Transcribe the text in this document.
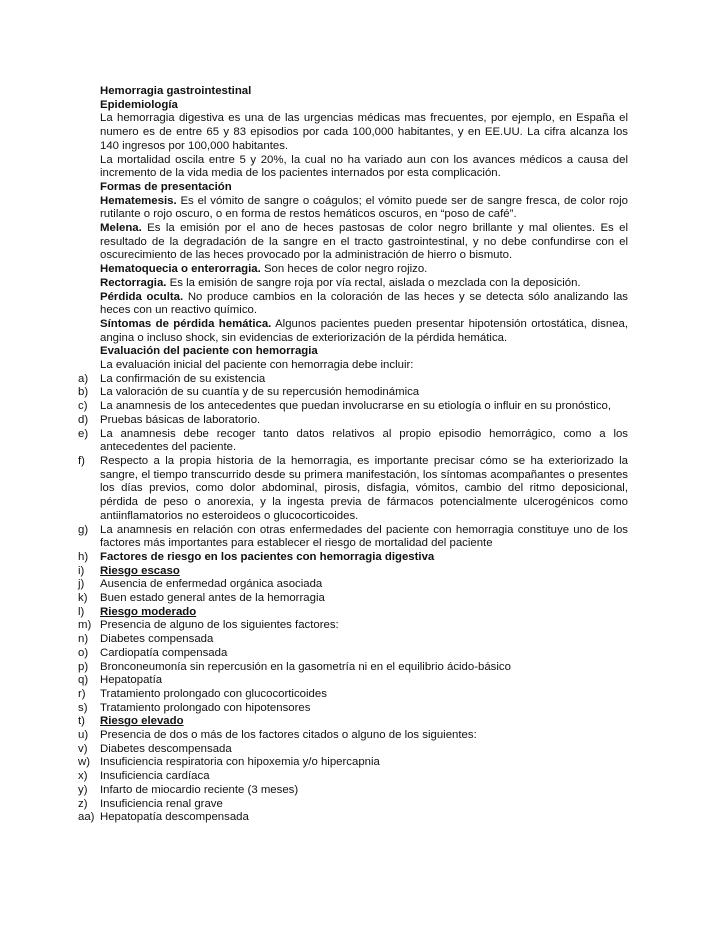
Hemorragia gastrointestinal

Epidemiología

La hemorragia digestiva es una de las urgencias médicas mas frecuentes, por ejemplo, en España el numero es de entre 65 y 83 episodios por cada 100,000 habitantes, y en EE.UU. La cifra alcanza los 140 ingresos por 100,000 habitantes.

La mortalidad oscila entre 5 y 20%, la cual no ha variado aun con los avances médicos a causa del incremento de la vida media de los pacientes internados por esta complicación.

Formas de presentación

Hematemesis. Es el vómito de sangre o coágulos; el vómito puede ser de sangre fresca, de color rojo rutilante o rojo oscuro, o en forma de restos hemáticos oscuros, en “poso de café”.

Melena. Es la emisión por el ano de heces pastosas de color negro brillante y mal olientes. Es el resultado de la degradación de la sangre en el tracto gastrointestinal, y no debe confundirse con el oscurecimiento de las heces provocado por la administración de hierro o bismuto.

Hematoquecia o enterorragia. Son heces de color negro rojizo.

Rectorragia. Es la emisión de sangre roja por vía rectal, aislada o mezclada con la deposición.

Pérdida oculta. No produce cambios en la coloración de las heces y se detecta sólo analizando las heces con un reactivo químico.

Síntomas de pérdida hemática. Algunos pacientes pueden presentar hipotensión ortostática, disnea, angina o incluso shock, sin evidencias de exteriorización de la pérdida hemática.

Evaluación del paciente con hemorragia

La evaluación inicial del paciente con hemorragia debe incluir:

a) La confirmación de su existencia
b) La valoración de su cuantía y de su repercusión hemodinámica
c) La anamnesis de los antecedentes que puedan involucrarse en su etiología o influir en su pronóstico,
d) Pruebas básicas de laboratorio.
e) La anamnesis debe recoger tanto datos relativos al propio episodio hemorrágico, como a los antecedentes del paciente.
f) Respecto a la propia historia de la hemorragia, es importante precisar cómo se ha exteriorizado la sangre, el tiempo transcurrido desde su primera manifestación, los síntomas acompañantes o presentes los días previos, como dolor abdominal, pirosis, disfagia, vómitos, cambio del ritmo deposicional, pérdida de peso o anorexia, y la ingesta previa de fármacos potencialmente ulcerogénicos como antiinflamatorios no esteroideos o glucocorticoides.
g) La anamnesis en relación con otras enfermedades del paciente con hemorragia constituye uno de los factores más importantes para establecer el riesgo de mortalidad del paciente
h) Factores de riesgo en los pacientes con hemorragia digestiva
i) Riesgo escaso
j) Ausencia de enfermedad orgánica asociada
k) Buen estado general antes de la hemorragia
l) Riesgo moderado
m) Presencia de alguno de los siguientes factores:
n) Diabetes compensada
o) Cardiopatía compensada
p) Bronconeumonía sin repercusión en la gasometría ni en el equilibrio ácido-básico
q) Hepatopatía
r) Tratamiento prolongado con glucocorticoides
s) Tratamiento prolongado con hipotensores
t) Riesgo elevado
u) Presencia de dos o más de los factores citados o alguno de los siguientes:
v) Diabetes descompensada
w) Insuficiencia respiratoria con hipoxemia y/o hipercapnia
x) Insuficiencia cardíaca
y) Infarto de miocardio reciente (3 meses)
z) Insuficiencia renal grave
aa) Hepatopatía descompensada
